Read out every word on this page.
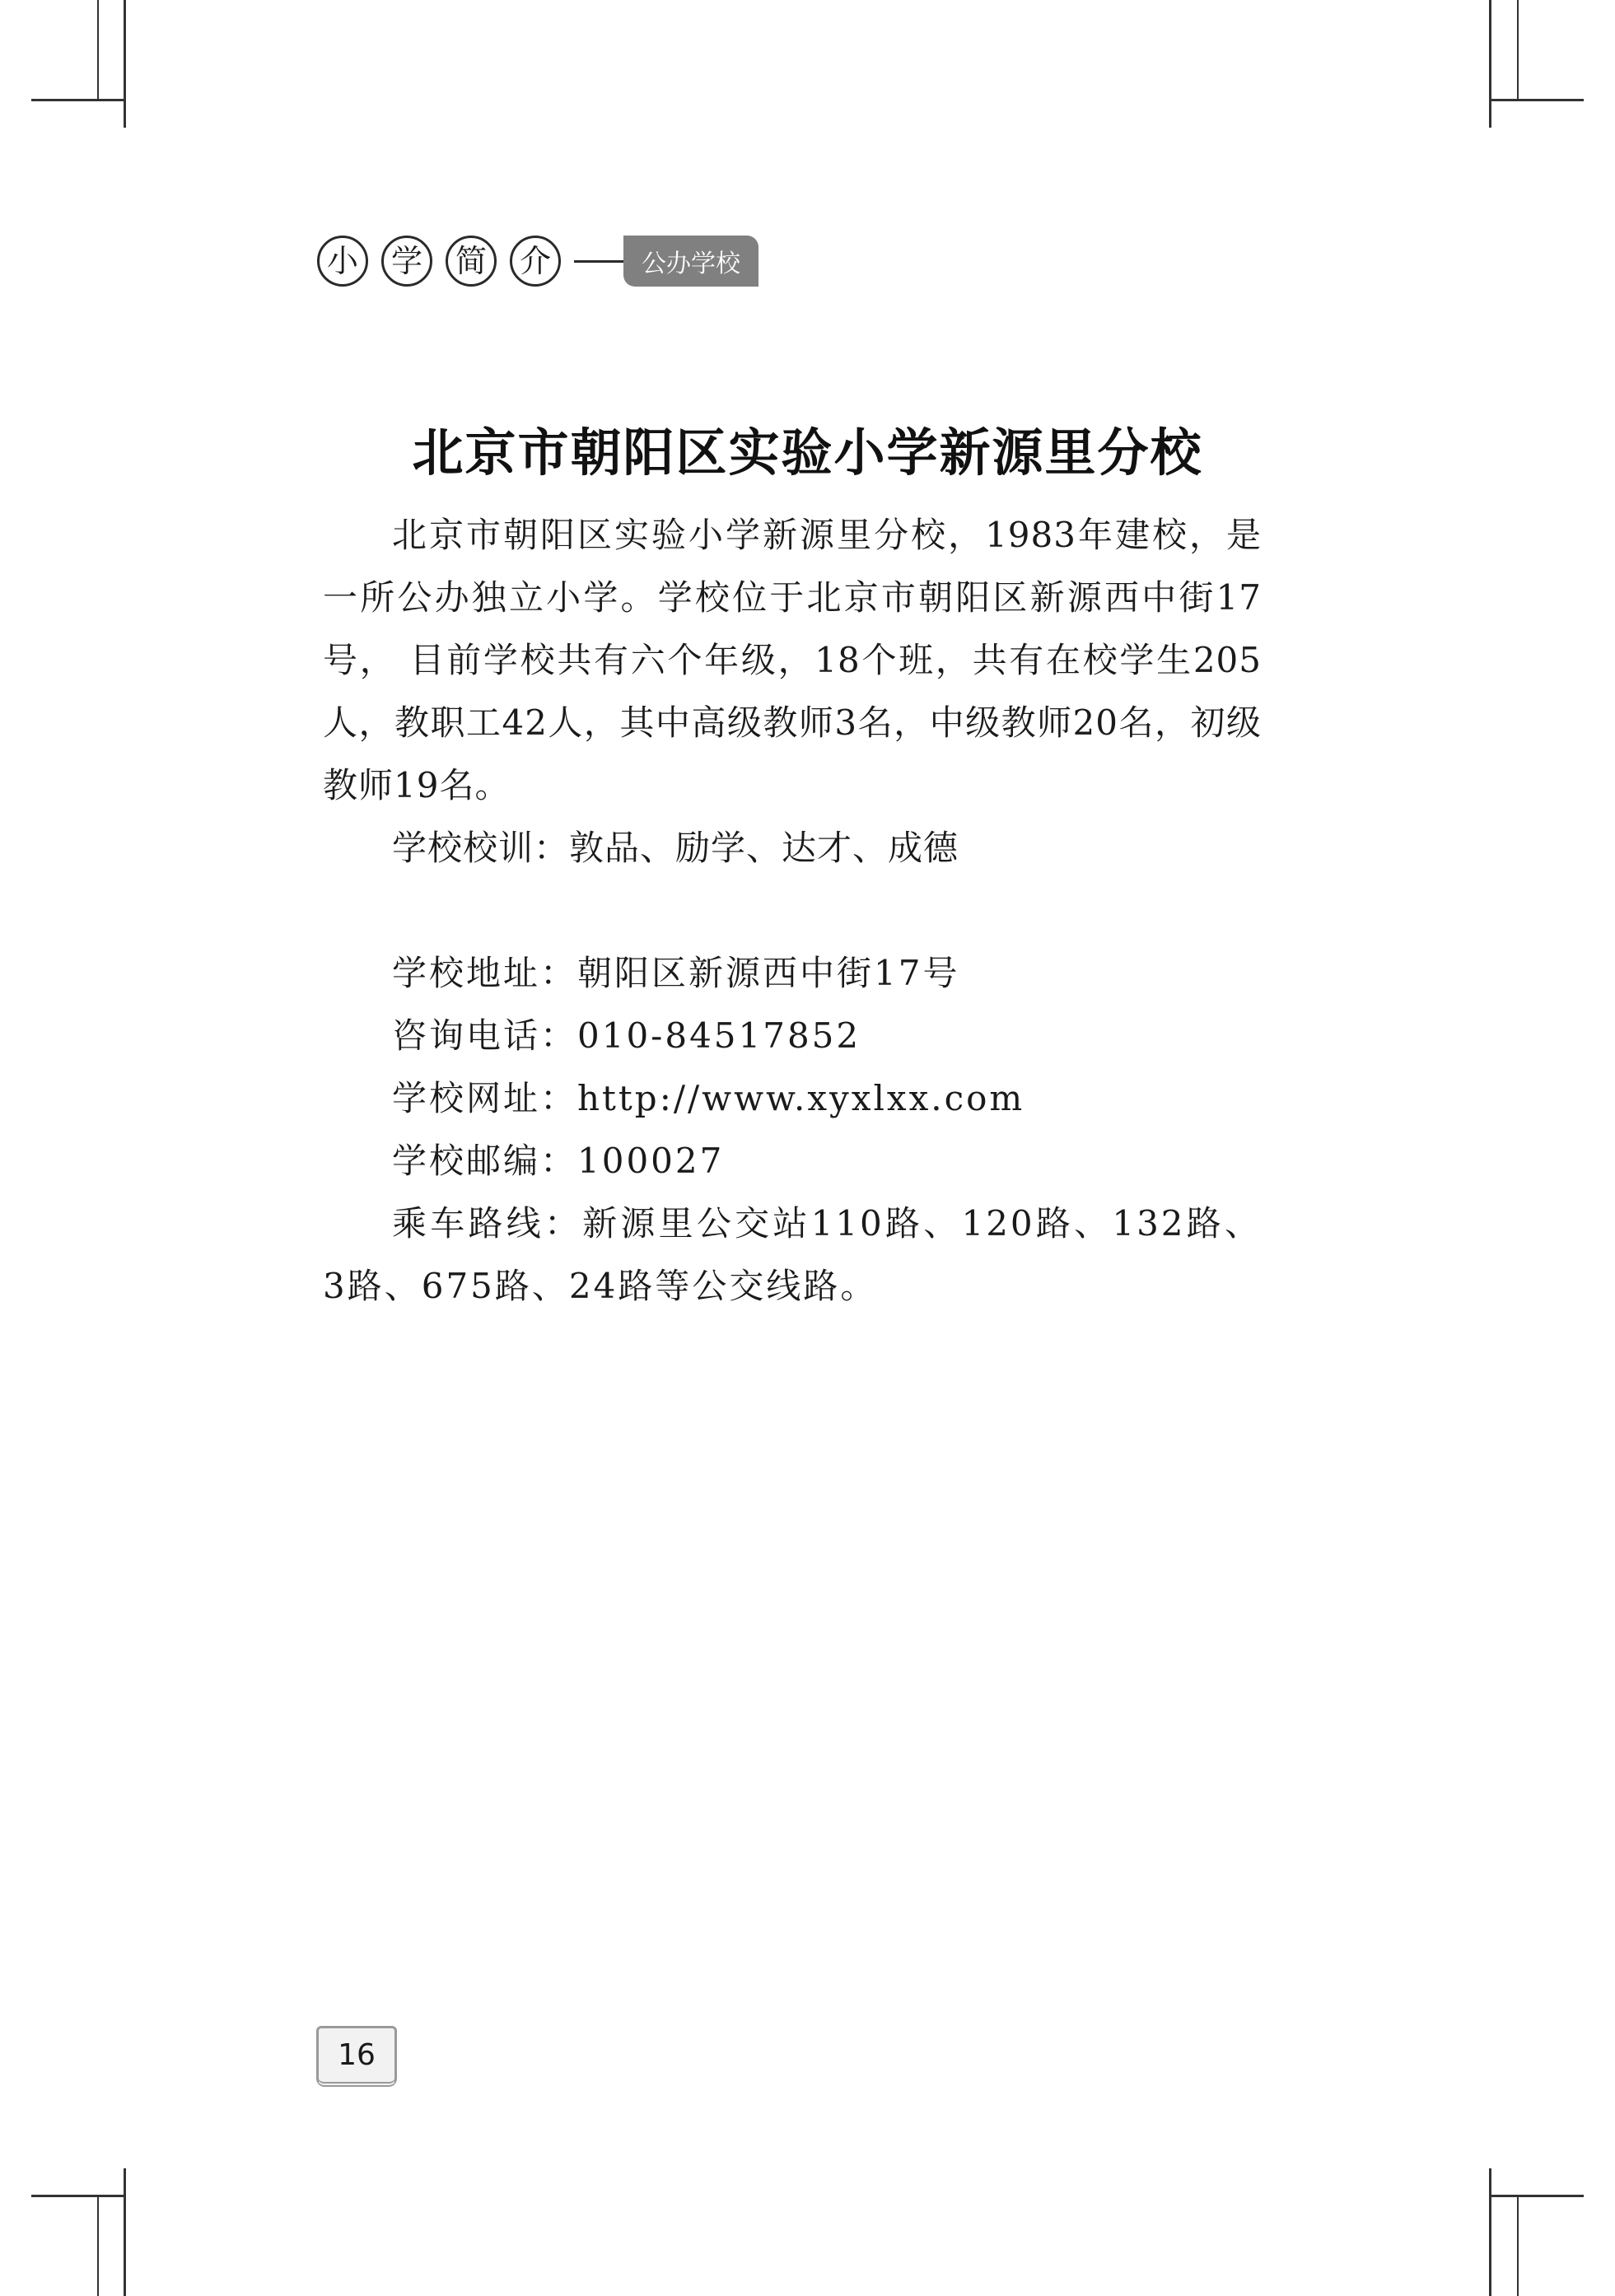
小	学	简	介	公办学校
北京市朝阳区实验小学新源里分校

北京市朝阳区实验小学新源里分校，1983年建校，是一所公办独立小学。学校位于北京市朝阳区新源西中街17号， 目前学校共有六个年级，18个班，共有在校学生205人，教职工42人，其中高级教师3名，中级教师20名，初级教师19名。

学校校训：敦品、励学、达才、成德

学校地址：朝阳区新源西中街17号

咨询电话：010-84517852

学校网址：http://www.xyxlxx.com

学校邮编：100027

乘车路线：新源里公交站110路、120路、132路、3路、675路、24路等公交线路。

16
